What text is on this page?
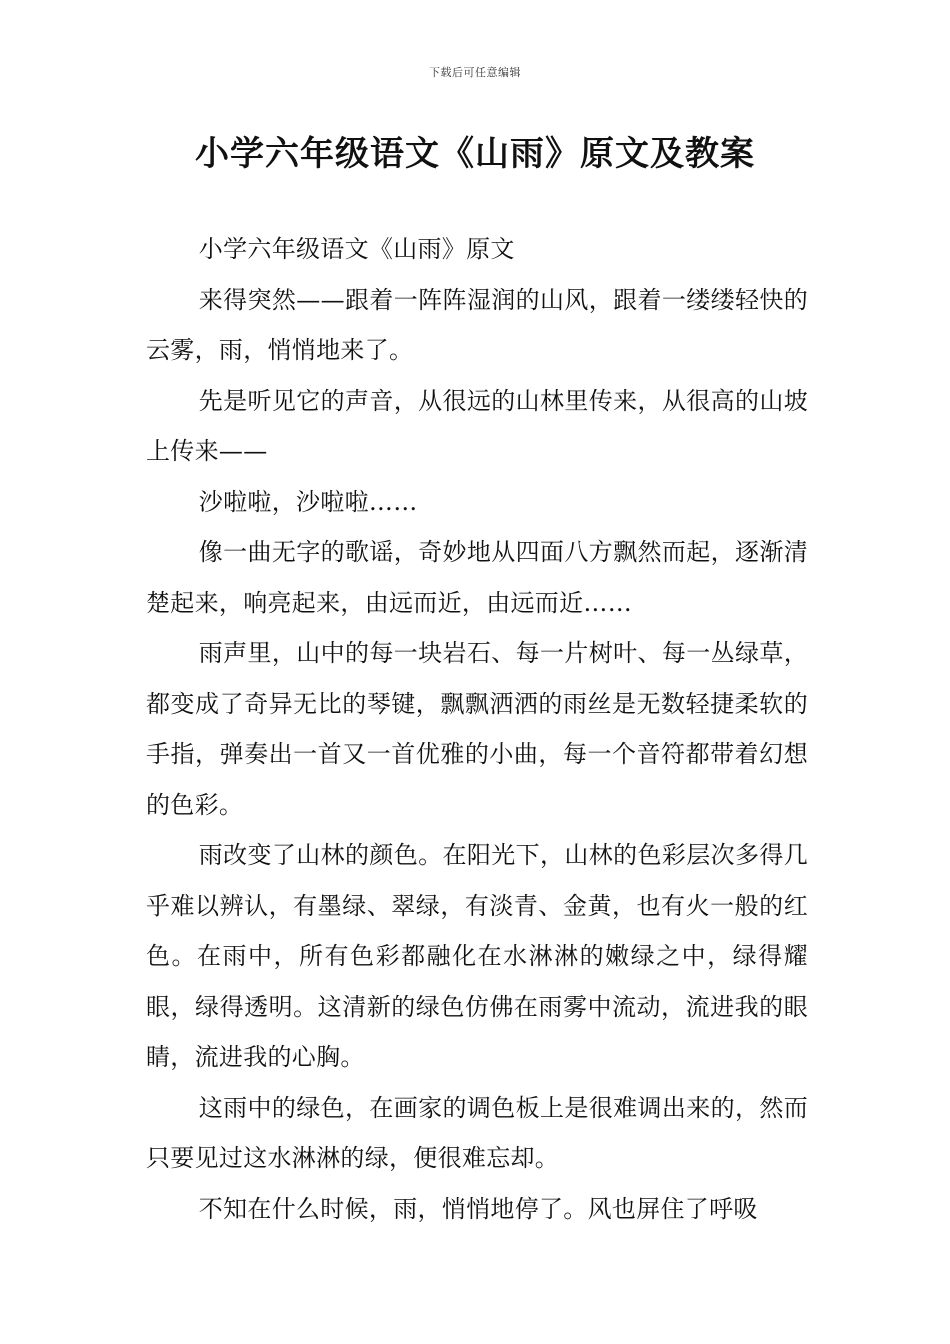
下载后可任意编辑
小学六年级语文《山雨》原文及教案

小学六年级语文《山雨》原文

来得突然——跟着一阵阵湿润的山风，跟着一缕缕轻快的云雾，雨，悄悄地来了。

先是听见它的声音，从很远的山林里传来，从很高的山坡上传来——

沙啦啦，沙啦啦……

像一曲无字的歌谣，奇妙地从四面八方飘然而起，逐渐清楚起来，响亮起来，由远而近，由远而近……

雨声里，山中的每一块岩石、每一片树叶、每一丛绿草，都变成了奇异无比的琴键，飘飘洒洒的雨丝是无数轻捷柔软的手指，弹奏出一首又一首优雅的小曲，每一个音符都带着幻想的色彩。

雨改变了山林的颜色。在阳光下，山林的色彩层次多得几乎难以辨认，有墨绿、翠绿，有淡青、金黄，也有火一般的红色。在雨中，所有色彩都融化在水淋淋的嫩绿之中，绿得耀眼，绿得透明。这清新的绿色仿佛在雨雾中流动，流进我的眼睛，流进我的心胸。

这雨中的绿色，在画家的调色板上是很难调出来的，然而只要见过这水淋淋的绿，便很难忘却。

不知在什么时候，雨，悄悄地停了。风也屏住了呼吸
